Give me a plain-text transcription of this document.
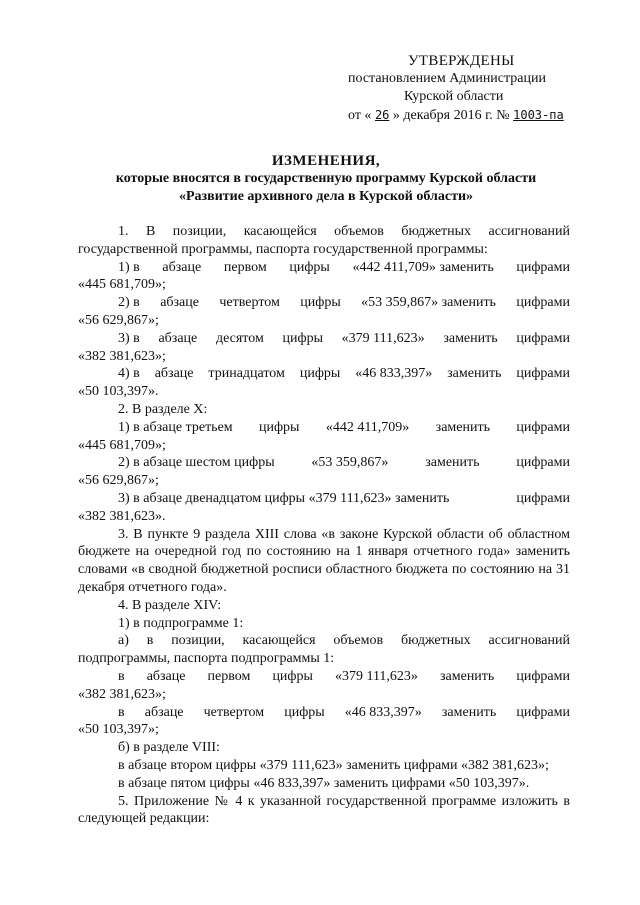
УТВЕРЖДЕНЫ
постановлением Администрации
Курской области
от « 26 » декабря 2016 г. № 1003-па
ИЗМЕНЕНИЯ,
которые вносятся в государственную программу Курской области
«Развитие архивного дела в Курской области»

1. В позиции, касающейся объемов бюджетных ассигнований государственной программы, паспорта государственной программы:

1) в абзаце первом цифры «442 411,709» заменить цифрами

«445 681,709»;

2) в абзаце четвертом цифры «53 359,867» заменить цифрами

«56 629,867»;

3) в абзаце десятом цифры «379 111,623» заменить цифрами

«382 381,623»;

4) в абзаце тринадцатом цифры «46 833,397» заменить цифрами

«50 103,397».

2. В разделе X:

1) в абзаце третьем цифры «442 411,709» заменить цифрами

«445 681,709»;

2) в абзаце шестом цифры	«53 359,867»	заменить	цифрами

«56 629,867»;

3) в абзаце двенадцатом цифры «379 111,623» заменить	цифрами

«382 381,623».

3. В пункте 9 раздела XIII слова «в законе Курской области об областном бюджете на очередной год по состоянию на 1 января отчетного года» заменить словами «в сводной бюджетной росписи областного бюджета по состоянию на 31 декабря отчетного года».

4. В разделе XIV:

1) в подпрограмме 1:

а) в позиции, касающейся объемов бюджетных ассигнований подпрограммы, паспорта подпрограммы 1:

в абзаце первом цифры «379 111,623» заменить цифрами

«382 381,623»;

в абзаце четвертом цифры «46 833,397» заменить цифрами

«50 103,397»;

б) в разделе VIII:

в абзаце втором цифры «379 111,623» заменить цифрами «382 381,623»;

в абзаце пятом цифры «46 833,397» заменить цифрами «50 103,397».

5. Приложение № 4 к указанной государственной программе изложить в следующей редакции:
